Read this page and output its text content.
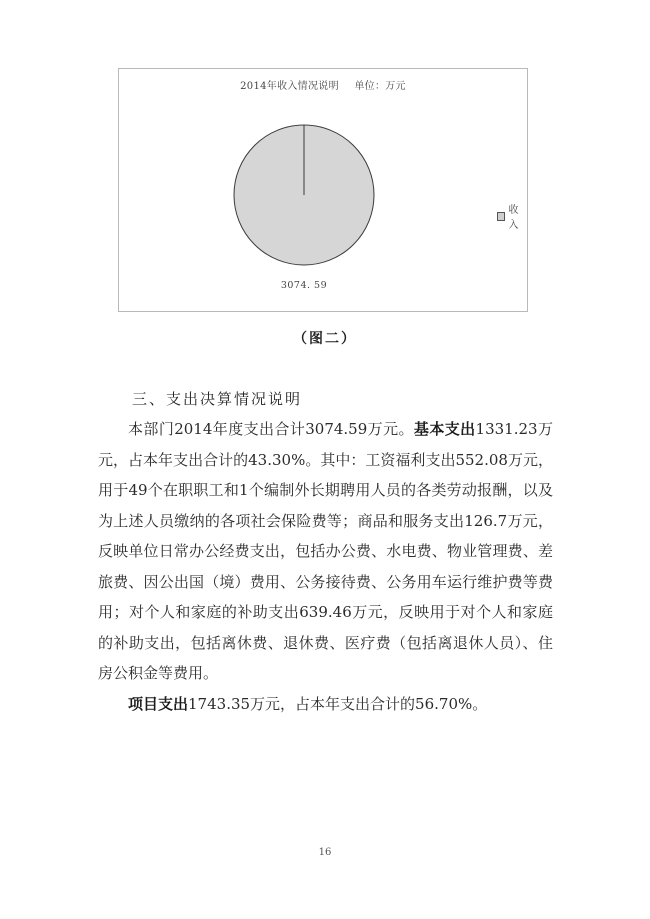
2014年收入情况说明 单位：万元
收入
3074. 59
（图二）
三、支出决算情况说明

本部门2014年度支出合计3074.59万元。基本支出1331.23万元，占本年支出合计的43.30%。其中：工资福利支出552.08万元，用于49个在职职工和1个编制外长期聘用人员的各类劳动报酬，以及为上述人员缴纳的各项社会保险费等；商品和服务支出126.7万元，反映单位日常办公经费支出，包括办公费、水电费、物业管理费、差旅费、因公出国（境）费用、公务接待费、公务用车运行维护费等费用；对个人和家庭的补助支出639.46万元，反映用于对个人和家庭的补助支出，包括离休费、退休费、医疗费（包括离退休人员）、住房公积金等费用。

项目支出1743.35万元，占本年支出合计的56.70%。

16
